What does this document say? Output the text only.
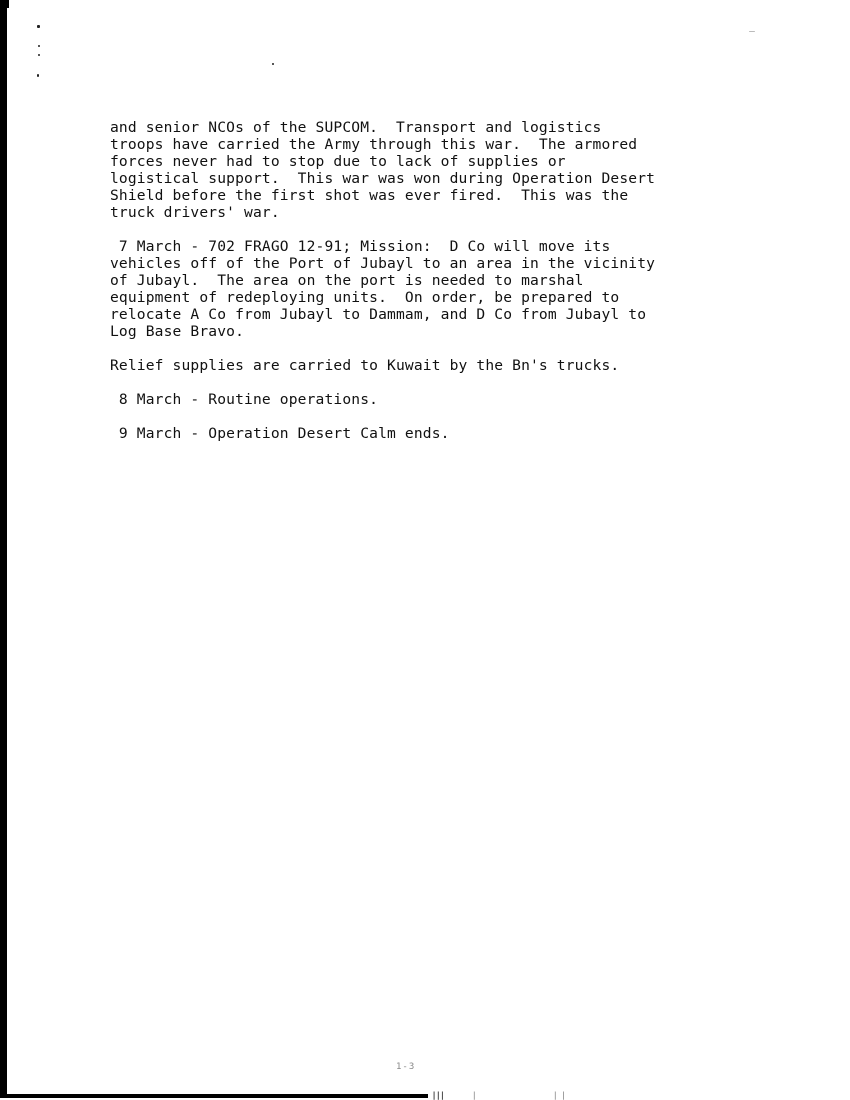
and senior NCOs of the SUPCOM.  Transport and logistics
troops have carried the Army through this war.  The armored
forces never had to stop due to lack of supplies or
logistical support.  This war was won during Operation Desert
Shield before the first shot was ever fired.  This was the
truck drivers' war.

7 March - 702 FRAGO 12-91; Mission:  D Co will move its
vehicles off of the Port of Jubayl to an area in the vicinity
of Jubayl.  The area on the port is needed to marshal
equipment of redeploying units.  On order, be prepared to
relocate A Co from Jubayl to Dammam, and D Co from Jubayl to
Log Base Bravo.

Relief supplies are carried to Kuwait by the Bn's trucks.

8 March - Routine operations.

9 March - Operation Desert Calm ends.

1-3
┃┃┃	│	│ │
